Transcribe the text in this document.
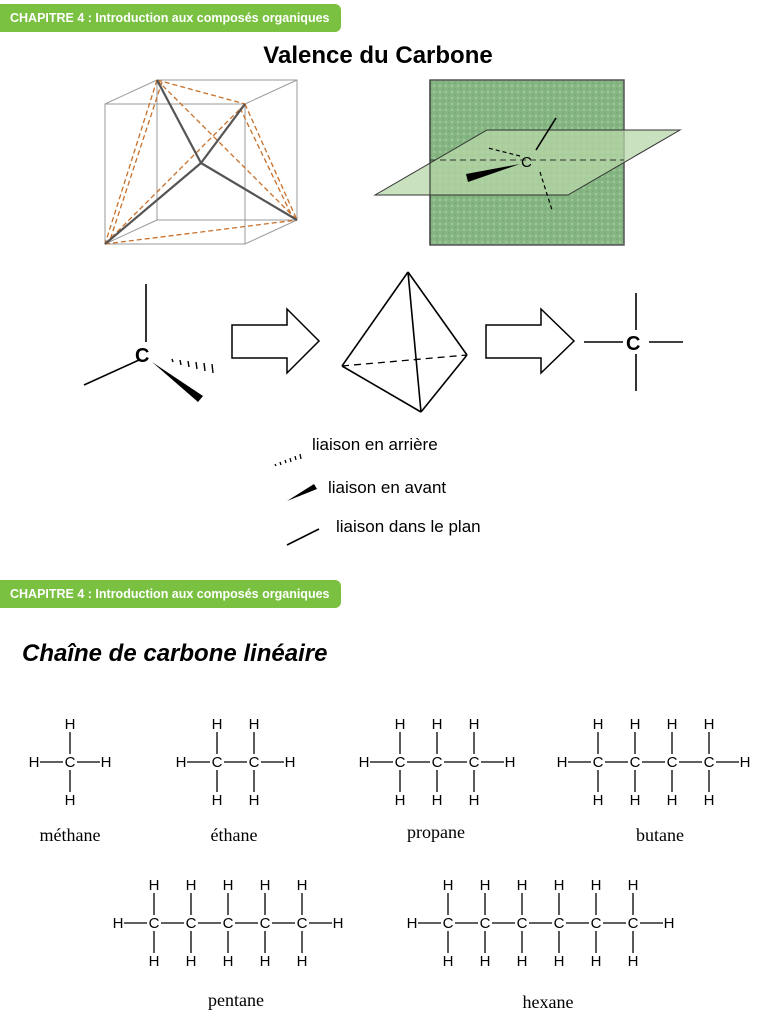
CHAPITRE 4 : Introduction aux composés organiques
Valence du Carbone
C
C
C
liaison en arrière
liaison en avant
liaison dans le plan
CHAPITRE 4 : Introduction aux composés organiques
Chaîne de carbone linéaire
H C
H
H
H	H C
H
H
C
H
H
H	H C
H
H
C
H
H
C
H
H
H	H C
H
H
C
H
H
C
H
H
C
H
H
H
H C
H
H
C
H
H
C
H
H
C
H
H
C
H
H
H	H C
H
H
C
H
H
C
H
H
C
H
H
C
H
H
C
H
H
H
méthane	éthane	propane	butane
pentane	hexane
